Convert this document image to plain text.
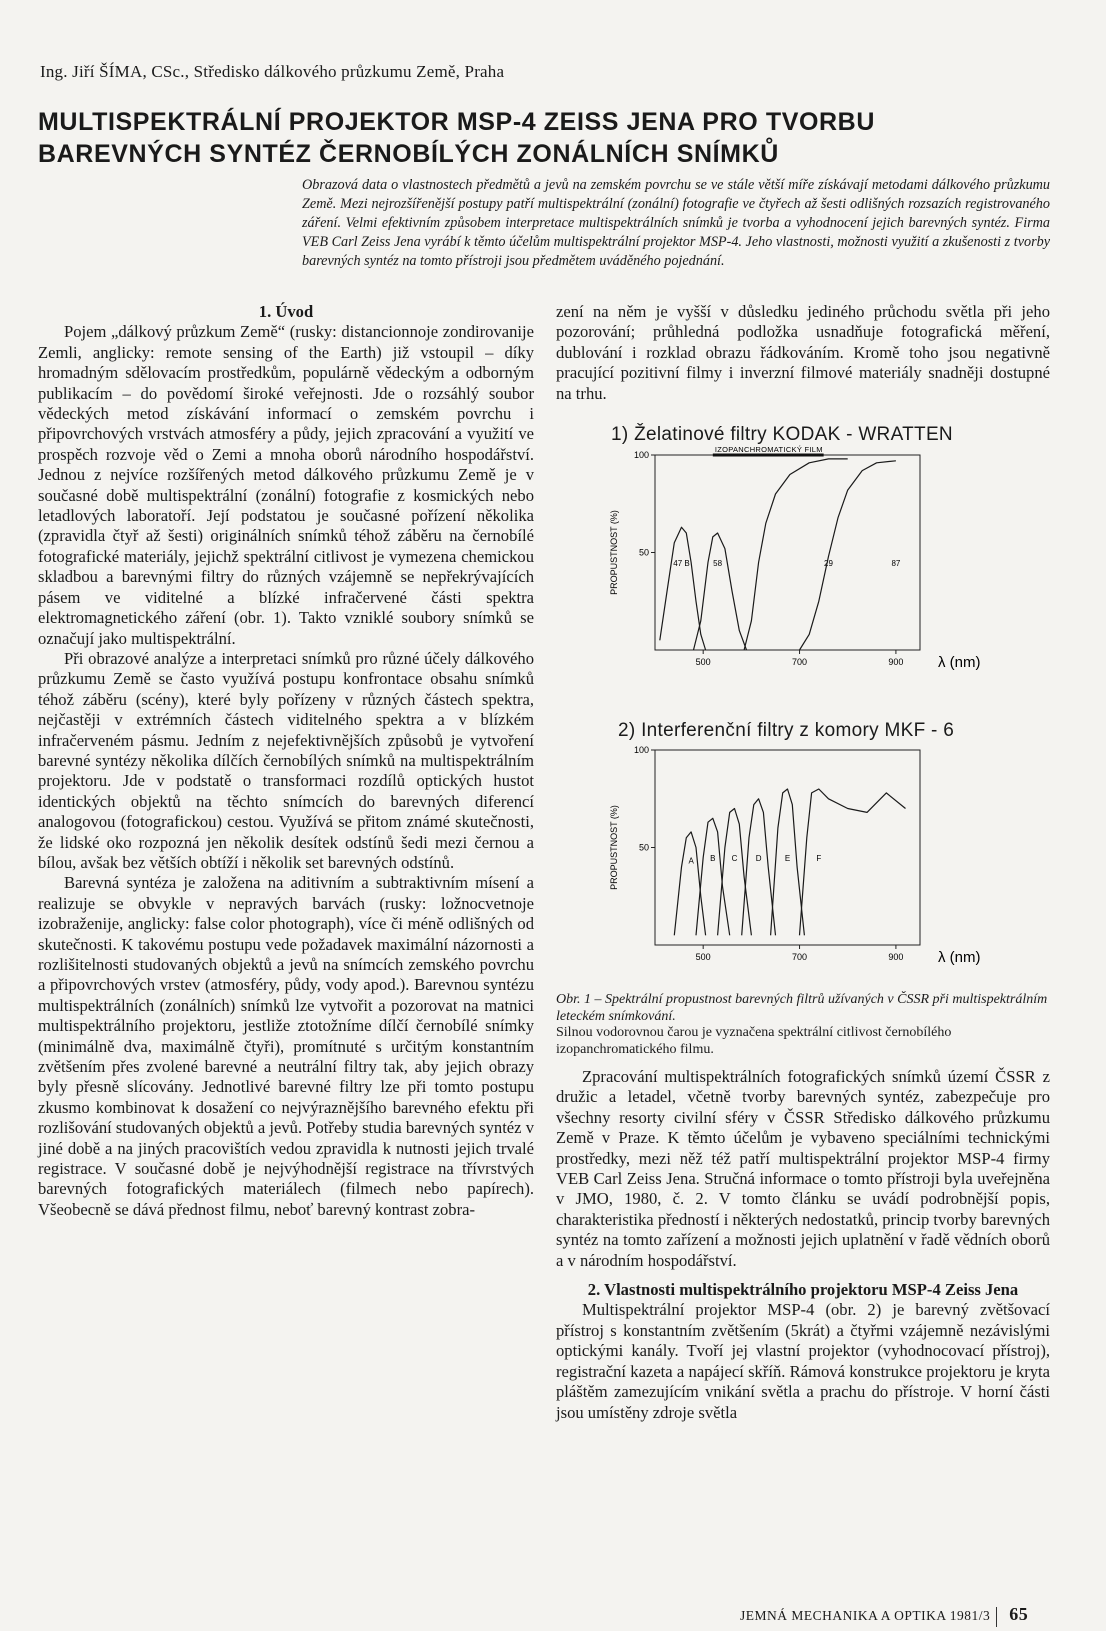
Ing. Jiří ŠÍMA, CSc., Středisko dálkového průzkumu Země, Praha
MULTISPEKTRÁLNÍ PROJEKTOR MSP-4 ZEISS JENA PRO TVORBU
BAREVNÝCH SYNTÉZ ČERNOBÍLÝCH ZONÁLNÍCH SNÍMKŮ

Obrazová data o vlastnostech předmětů a jevů na zemském povrchu se ve stále větší míře získávají metodami dálkového průzkumu Země. Mezi nejrozšířenější postupy patří multispektrální (zonální) fotografie ve čtyřech až šesti odlišných rozsazích registrovaného záření. Velmi efektivním způsobem interpretace multispektrálních snímků je tvorba a vyhodnocení jejich barevných syntéz. Firma VEB Carl Zeiss Jena vyrábí k těmto účelům multispektrální projektor MSP-4. Jeho vlastnosti, možnosti využití a zkušenosti z tvorby barevných syntéz na tomto přístroji jsou předmětem uváděného pojednání.

1. Úvod

Pojem „dálkový průzkum Země“ (rusky: distancionnoje zondirovanije Zemli, anglicky: remote sensing of the Earth) již vstoupil – díky hromadným sdělovacím prostředkům, populárně vědeckým a odborným publikacím – do povědomí široké veřejnosti. Jde o rozsáhlý soubor vědeckých metod získávání informací o zemském povrchu i připovrchových vrstvách atmosféry a půdy, jejich zpracování a využití ve prospěch rozvoje věd o Zemi a mnoha oborů národního hospodářství. Jednou z nejvíce rozšířených metod dálkového průzkumu Země je v současné době multispektrální (zonální) fotografie z kosmických nebo letadlových laboratoří. Její podstatou je současné pořízení několika (zpravidla čtyř až šesti) originálních snímků téhož záběru na černobílé fotografické materiály, jejichž spektrální citlivost je vymezena chemickou skladbou a barevnými filtry do různých vzájemně se nepřekrývajících pásem ve viditelné a blízké infračervené části spektra elektromagnetického záření (obr. 1). Takto vzniklé soubory snímků se označují jako multispektrální.

Při obrazové analýze a interpretaci snímků pro různé účely dálkového průzkumu Země se často využívá postupu konfrontace obsahu snímků téhož záběru (scény), které byly pořízeny v různých částech spektra, nejčastěji v extrémních částech viditelného spektra a v blízkém infračerveném pásmu. Jedním z nejefektivnějších způsobů je vytvoření barevné syntézy několika dílčích černobílých snímků na multispektrálním projektoru. Jde v podstatě o transformaci rozdílů optických hustot identických objektů na těchto snímcích do barevných diferencí analogovou (fotografickou) cestou. Využívá se přitom známé skutečnosti, že lidské oko rozpozná jen několik desítek odstínů šedi mezi černou a bílou, avšak bez větších obtíží i několik set barevných odstínů.

Barevná syntéza je založena na aditivním a subtraktivním mísení a realizuje se obvykle v nepravých barvách (rusky: ložnocvetnoje izobraženije, anglicky: false color photograph), více či méně odlišných od skutečnosti. K takovému postupu vede požadavek maximální názornosti a rozlišitelnosti studovaných objektů a jevů na snímcích zemského povrchu a připovrchových vrstev (atmosféry, půdy, vody apod.). Barevnou syntézu multispektrálních (zonálních) snímků lze vytvořit a pozorovat na matnici multispektrálního projektoru, jestliže ztotožníme dílčí černobílé snímky (minimálně dva, maximálně čtyři), promítnuté s určitým konstantním zvětšením přes zvolené barevné a neutrální filtry tak, aby jejich obrazy byly přesně slícovány. Jednotlivé barevné filtry lze při tomto postupu zkusmo kombinovat k dosažení co nejvýraznějšího barevného efektu při rozlišování studovaných objektů a jevů. Potřeby studia barevných syntéz v jiné době a na jiných pracovištích vedou zpravidla k nutnosti jejich trvalé registrace. V současné době je nejvýhodnější registrace na třívrstvých barevných fotografických materiálech (filmech nebo papírech). Všeobecně se dává přednost filmu, neboť barevný kontrast zobra-

zení na něm je vyšší v důsledku jediného průchodu světla při jeho pozorování; průhledná podložka usnadňuje fotografická měření, dublování i rozklad obrazu řádkováním. Kromě toho jsou negativně pracující pozitivní filmy i inverzní filmové materiály snadněji dostupné na trhu.

1) Želatinové filtry KODAK - WRATTEN
50
100
500	700	900 λ (nm)
PROPUSTNOST (%)
IZOPANCHROMATICKÝ FILM
47 B	58	29	87
2) Interferenční filtry z komory MKF - 6
50
100
500	700	900 λ (nm)
PROPUSTNOST (%)	A B C D	E	F
Obr. 1 – Spektrální propustnost barevných filtrů užívaných v ČSSR při multispektrálním leteckém snímkování.
Silnou vodorovnou čarou je vyznačena spektrální citlivost černobílého izopanchromatického filmu.

Zpracování multispektrálních fotografických snímků území ČSSR z družic a letadel, včetně tvorby barevných syntéz, zabezpečuje pro všechny resorty civilní sféry v ČSSR Středisko dálkového průzkumu Země v Praze. K těmto účelům je vybaveno speciálními technickými prostředky, mezi něž též patří multispektrální projektor MSP-4 firmy VEB Carl Zeiss Jena. Stručná informace o tomto přístroji byla uveřejněna v JMO, 1980, č. 2. V tomto článku se uvádí podrobnější popis, charakteristika předností i některých nedostatků, princip tvorby barevných syntéz na tomto zařízení a možnosti jejich uplatnění v řadě vědních oborů a v národním hospodářství.

2. Vlastnosti multispektrálního projektoru MSP-4 Zeiss Jena

Multispektrální projektor MSP-4 (obr. 2) je barevný zvětšovací přístroj s konstantním zvětšením (5krát) a čtyřmi vzájemně nezávislými optickými kanály. Tvoří jej vlastní projektor (vyhodnocovací přístroj), registrační kazeta a napájecí skříň. Rámová konstrukce projektoru je kryta pláštěm zamezujícím vnikání světla a prachu do přístroje. V horní části jsou umístěny zdroje světla

JEMNÁ MECHANIKA A OPTIKA 1981/3 65
